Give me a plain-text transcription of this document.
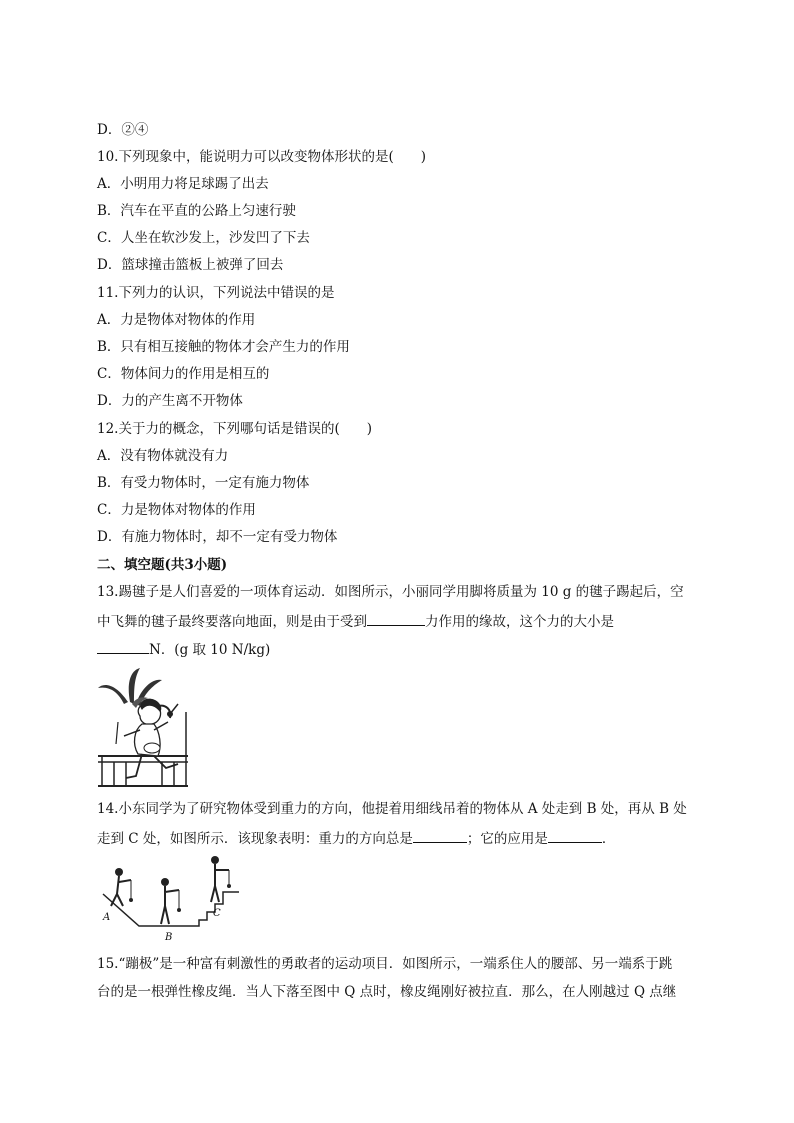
D．②④
10.下列现象中，能说明力可以改变物体形状的是(　　)
A．小明用力将足球踢了出去
B．汽车在平直的公路上匀速行驶
C．人坐在软沙发上，沙发凹了下去
D．篮球撞击篮板上被弹了回去
11.下列力的认识，下列说法中错误的是
A．力是物体对物体的作用
B．只有相互接触的物体才会产生力的作用
C．物体间力的作用是相互的
D．力的产生离不开物体
12.关于力的概念，下列哪句话是错误的(　　)
A．没有物体就没有力
B．有受力物体时，一定有施力物体
C．力是物体对物体的作用
D．有施力物体时，却不一定有受力物体
二、填空题(共3小题)
13.踢毽子是人们喜爱的一项体育运动．如图所示，小丽同学用脚将质量为 10 g 的毽子踢起后，空
中飞舞的毽子最终要落向地面，则是由于受到	力作用的缘故，这个力的大小是
N．(g 取 10 N/kg)
14.小东同学为了研究物体受到重力的方向，他提着用细线吊着的物体从 A 处走到 B 处，再从 B 处
走到 C 处，如图所示．该现象表明：重力的方向总是	；它的应用是	．
A
B
C
15.“蹦极”是一种富有刺激性的勇敢者的运动项目．如图所示，一端系住人的腰部、另一端系于跳
台的是一根弹性橡皮绳．当人下落至图中 Q 点时，橡皮绳刚好被拉直．那么，在人刚越过 Q 点继
